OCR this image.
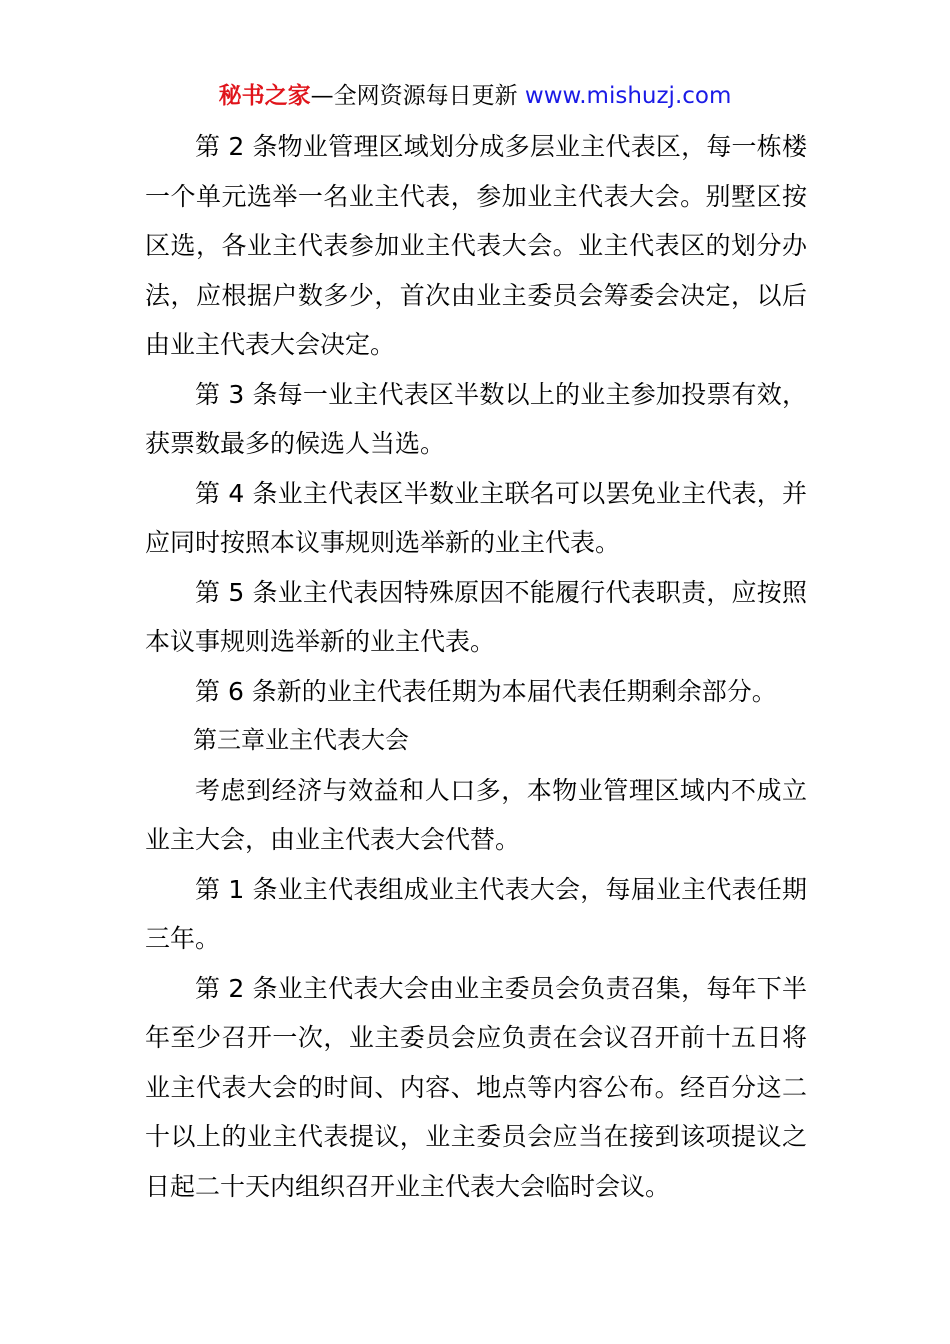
秘书之家—全网资源每日更新 www.mishuzj.com

第 2 条物业管理区域划分成多层业主代表区，每一栋楼一个单元选举一名业主代表，参加业主代表大会。别墅区按区选，各业主代表参加业主代表大会。业主代表区的划分办法，应根据户数多少，首次由业主委员会筹委会决定，以后由业主代表大会决定。

第 3 条每一业主代表区半数以上的业主参加投票有效，获票数最多的候选人当选。

第 4 条业主代表区半数业主联名可以罢免业主代表，并应同时按照本议事规则选举新的业主代表。

第 5 条业主代表因特殊原因不能履行代表职责，应按照本议事规则选举新的业主代表。

第 6 条新的业主代表任期为本届代表任期剩余部分。

第三章业主代表大会

考虑到经济与效益和人口多，本物业管理区域内不成立业主大会，由业主代表大会代替。

第 1 条业主代表组成业主代表大会，每届业主代表任期三年。

第 2 条业主代表大会由业主委员会负责召集，每年下半年至少召开一次，业主委员会应负责在会议召开前十五日将业主代表大会的时间、内容、地点等内容公布。经百分这二十以上的业主代表提议，业主委员会应当在接到该项提议之日起二十天内组织召开业主代表大会临时会议。
